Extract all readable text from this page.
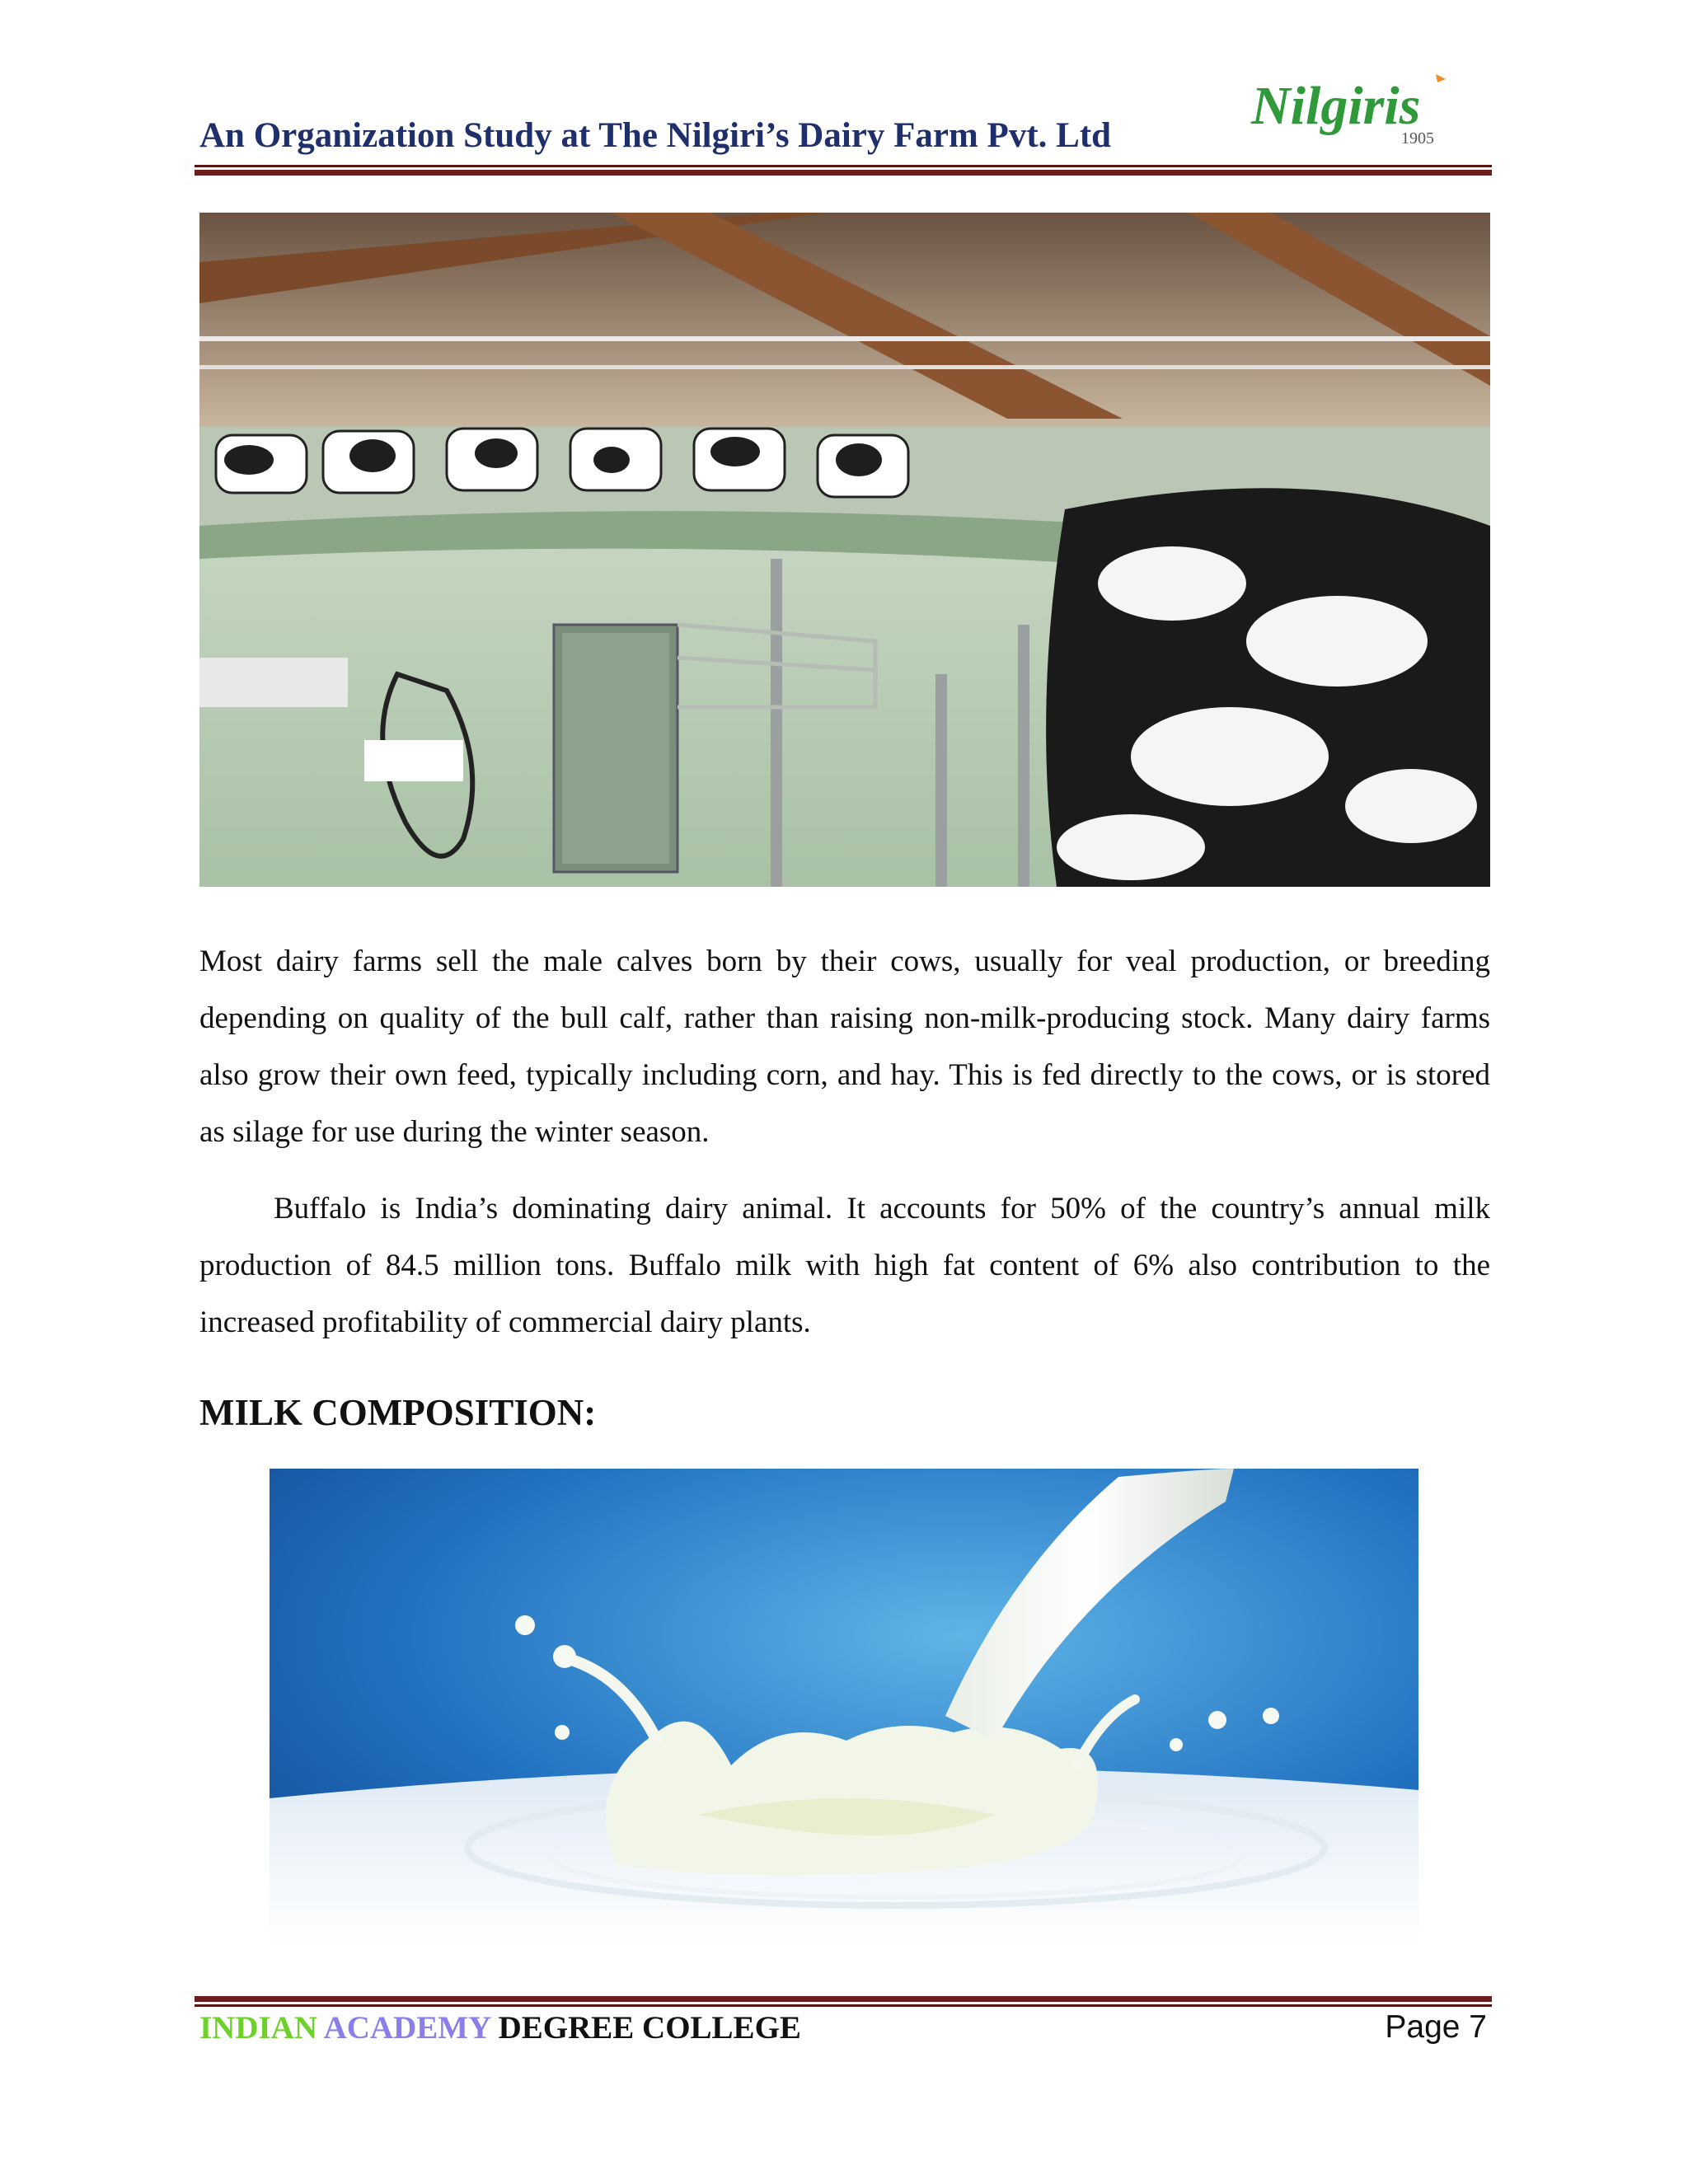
An Organization Study at The Nilgiri’s Dairy Farm Pvt. Ltd	Nilgiris
1905

Most dairy farms sell the male calves born by their cows, usually for veal production, or breeding depending on quality of the bull calf, rather than raising non-milk-producing stock. Many dairy farms also grow their own feed, typically including corn, and hay. This is fed directly to the cows, or is stored as silage for use during the winter season.

Buffalo is India’s dominating dairy animal. It accounts for 50% of the country’s annual milk production of 84.5 million tons. Buffalo milk with high fat content of 6% also contribution to the increased profitability of commercial dairy plants.

MILK COMPOSITION:
INDIAN ACADEMY DEGREE COLLEGE	Page 7
